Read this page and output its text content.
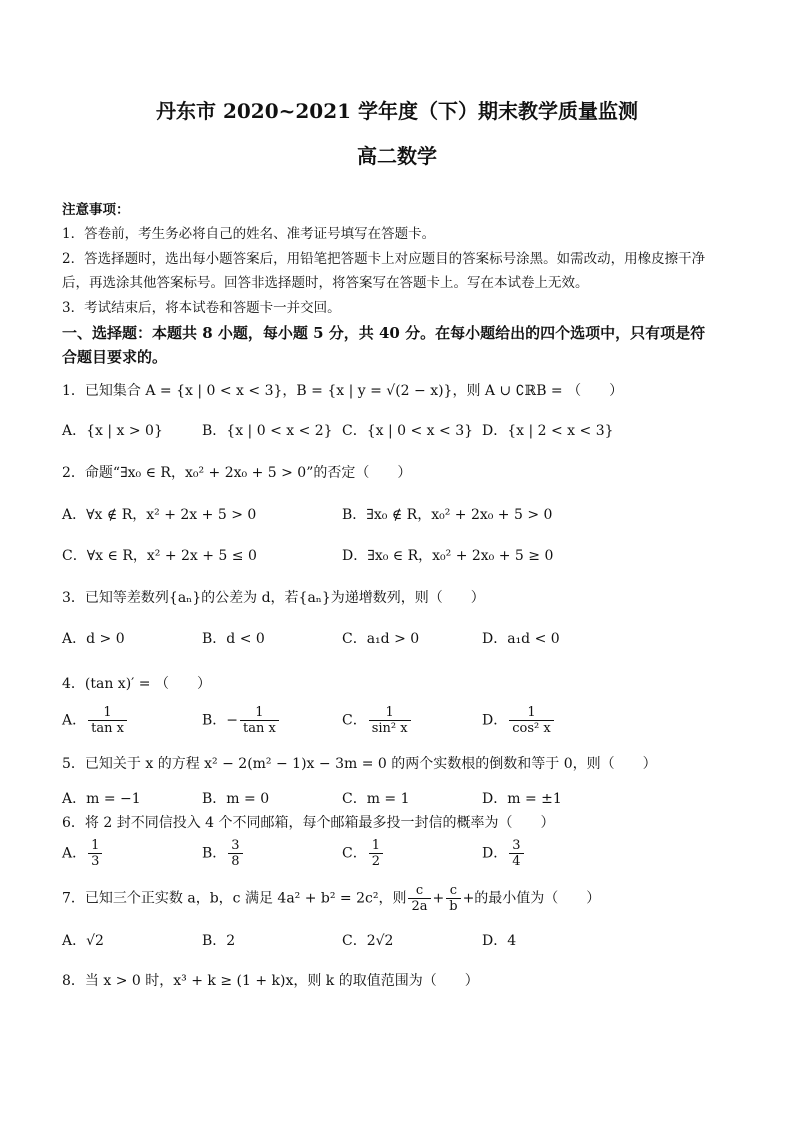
丹东市 2020~2021 学年度（下）期末教学质量监测
高二数学
注意事项：
1．答卷前，考生务必将自己的姓名、准考证号填写在答题卡。
2．答选择题时，选出每小题答案后，用铅笔把答题卡上对应题目的答案标号涂黑。如需改动，用橡皮擦干净
后，再选涂其他答案标号。回答非选择题时，将答案写在答题卡上。写在本试卷上无效。
3．考试结束后，将本试卷和答题卡一并交回。
一、选择题：本题共 8 小题，每小题 5 分，共 40 分。在每小题给出的四个选项中，只有项是符
合题目要求的。
1．已知集合 A = {x | 0 < x < 3}，B = {x | y = √(2 − x)}，则 A ∪ ∁ℝB = （　　）
A．{x | x > 0}	B．{x | 0 < x < 2} C．{x | 0 < x < 3} D．{x | 2 < x < 3}
2．命题“∃x₀ ∈ R，x₀² + 2x₀ + 5 > 0”的否定（　　）
A．∀x ∉ R，x² + 2x + 5 > 0	B．∃x₀ ∉ R，x₀² + 2x₀ + 5 > 0
C．∀x ∈ R，x² + 2x + 5 ≤ 0	D．∃x₀ ∈ R，x₀² + 2x₀ + 5 ≥ 0
3．已知等差数列{aₙ}的公差为 d，若{aₙ}为递增数列，则（　　）
A．d > 0	B．d < 0	C．a₁d > 0	D．a₁d < 0
4．(tan x)′ = （　　）
A． $\frac{1}{\text{tan x}}$	B．− $\frac{1}{\text{tan x}}$	C． $\frac{1}{\text{sin² x}}$	D． $\frac{1}{\text{cos² x}}$
5．已知关于 x 的方程 x² − 2(m² − 1)x − 3m = 0 的两个实数根的倒数和等于 0，则（　　）
A．m = −1	B．m = 0	C．m = 1	D．m = ±1
6．将 2 封不同信投入 4 个不同邮箱，每个邮箱最多投一封信的概率为（　　）
A． $\frac{1}{3}$	B． $\frac{3}{8}$	C． $\frac{1}{2}$	D． $\frac{3}{4}$
7．已知三个正实数 a，b，c 满足 4a² + b² = 2c²，则 $\frac{c}{2a} + \frac{c}{b}$ +的最小值为（　　）
A．√2	B．2	C．2√2	D．4
8．当 x > 0 时，x³ + k ≥ (1 + k)x，则 k 的取值范围为（　　）
